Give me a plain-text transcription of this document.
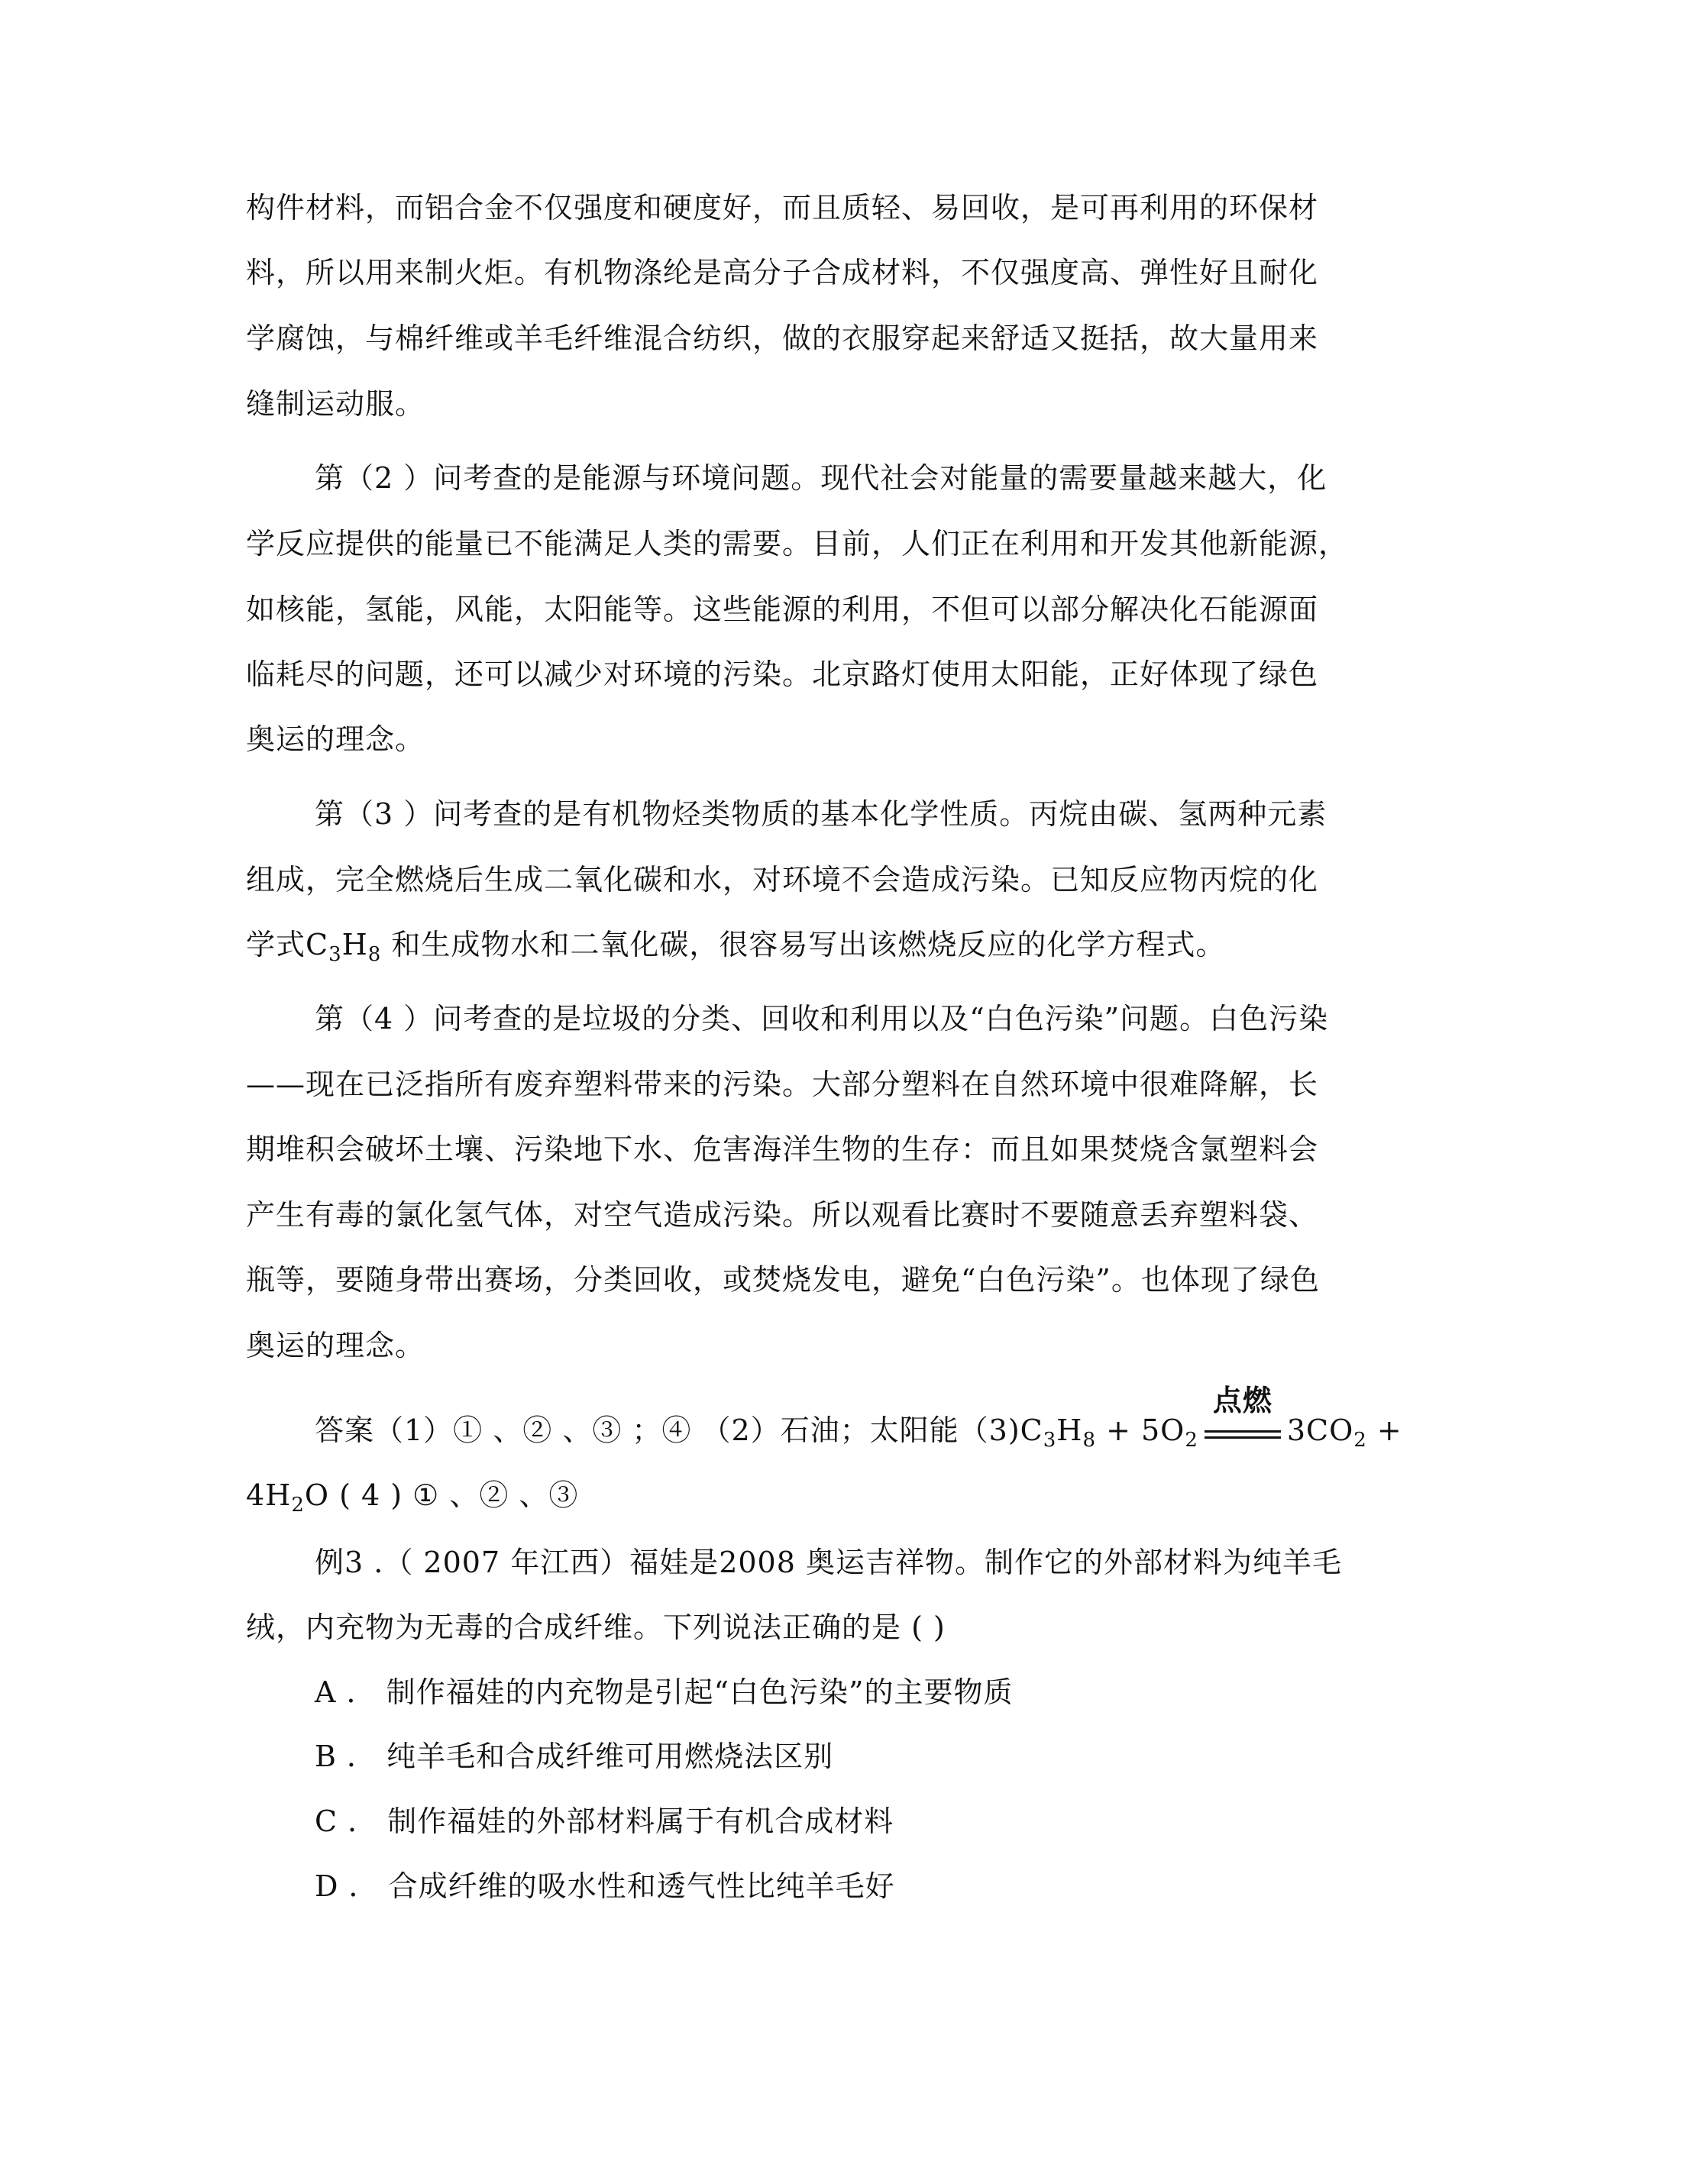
构件材料，而铝合金不仅强度和硬度好，而且质轻、易回收，是可再利用的环保材
料，所以用来制火炬。有机物涤纶是高分子合成材料，不仅强度高、弹性好且耐化
学腐蚀，与棉纤维或羊毛纤维混合纺织，做的衣服穿起来舒适又挺括，故大量用来
缝制运动服。
第（2 ）问考查的是能源与环境问题。现代社会对能量的需要量越来越大，化
学反应提供的能量已不能满足人类的需要。目前，人们正在利用和开发其他新能源，
如核能，氢能，风能，太阳能等。这些能源的利用，不但可以部分解决化石能源面
临耗尽的问题，还可以减少对环境的污染。北京路灯使用太阳能，正好体现了绿色
奥运的理念。
第（3 ）问考查的是有机物烃类物质的基本化学性质。丙烷由碳、氢两种元素
组成，完全燃烧后生成二氧化碳和水，对环境不会造成污染。已知反应物丙烷的化
学式$C_3H_8$ 和生成物水和二氧化碳，很容易写出该燃烧反应的化学方程式。
第（4 ）问考查的是垃圾的分类、回收和利用以及“白色污染”问题。白色污染
——现在已泛指所有废弃塑料带来的污染。大部分塑料在自然环境中很难降解，长
期堆积会破坏土壤、污染地下水、危害海洋生物的生存：而且如果焚烧含氯塑料会
产生有毒的氯化氢气体，对空气造成污染。所以观看比赛时不要随意丢弃塑料袋、
瓶等，要随身带出赛场，分类回收，或焚烧发电，避免“白色污染”。也体现了绿色
奥运的理念。
答案（1）① 、② 、③ ；④ （2）石油；太阳能$(3)C_3H_8 + 5O_2$
点燃
$3CO_2$ +
$4H_2O$ ( 4 ) ① 、② 、③
例3 .（ 2007 年江西）福娃是2008 奥运吉祥物。制作它的外部材料为纯羊毛
绒，内充物为无毒的合成纤维。下列说法正确的是 ( )
A ． 制作福娃的内充物是引起“白色污染”的主要物质
B ． 纯羊毛和合成纤维可用燃烧法区别
C ． 制作福娃的外部材料属于有机合成材料
D ． 合成纤维的吸水性和透气性比纯羊毛好
